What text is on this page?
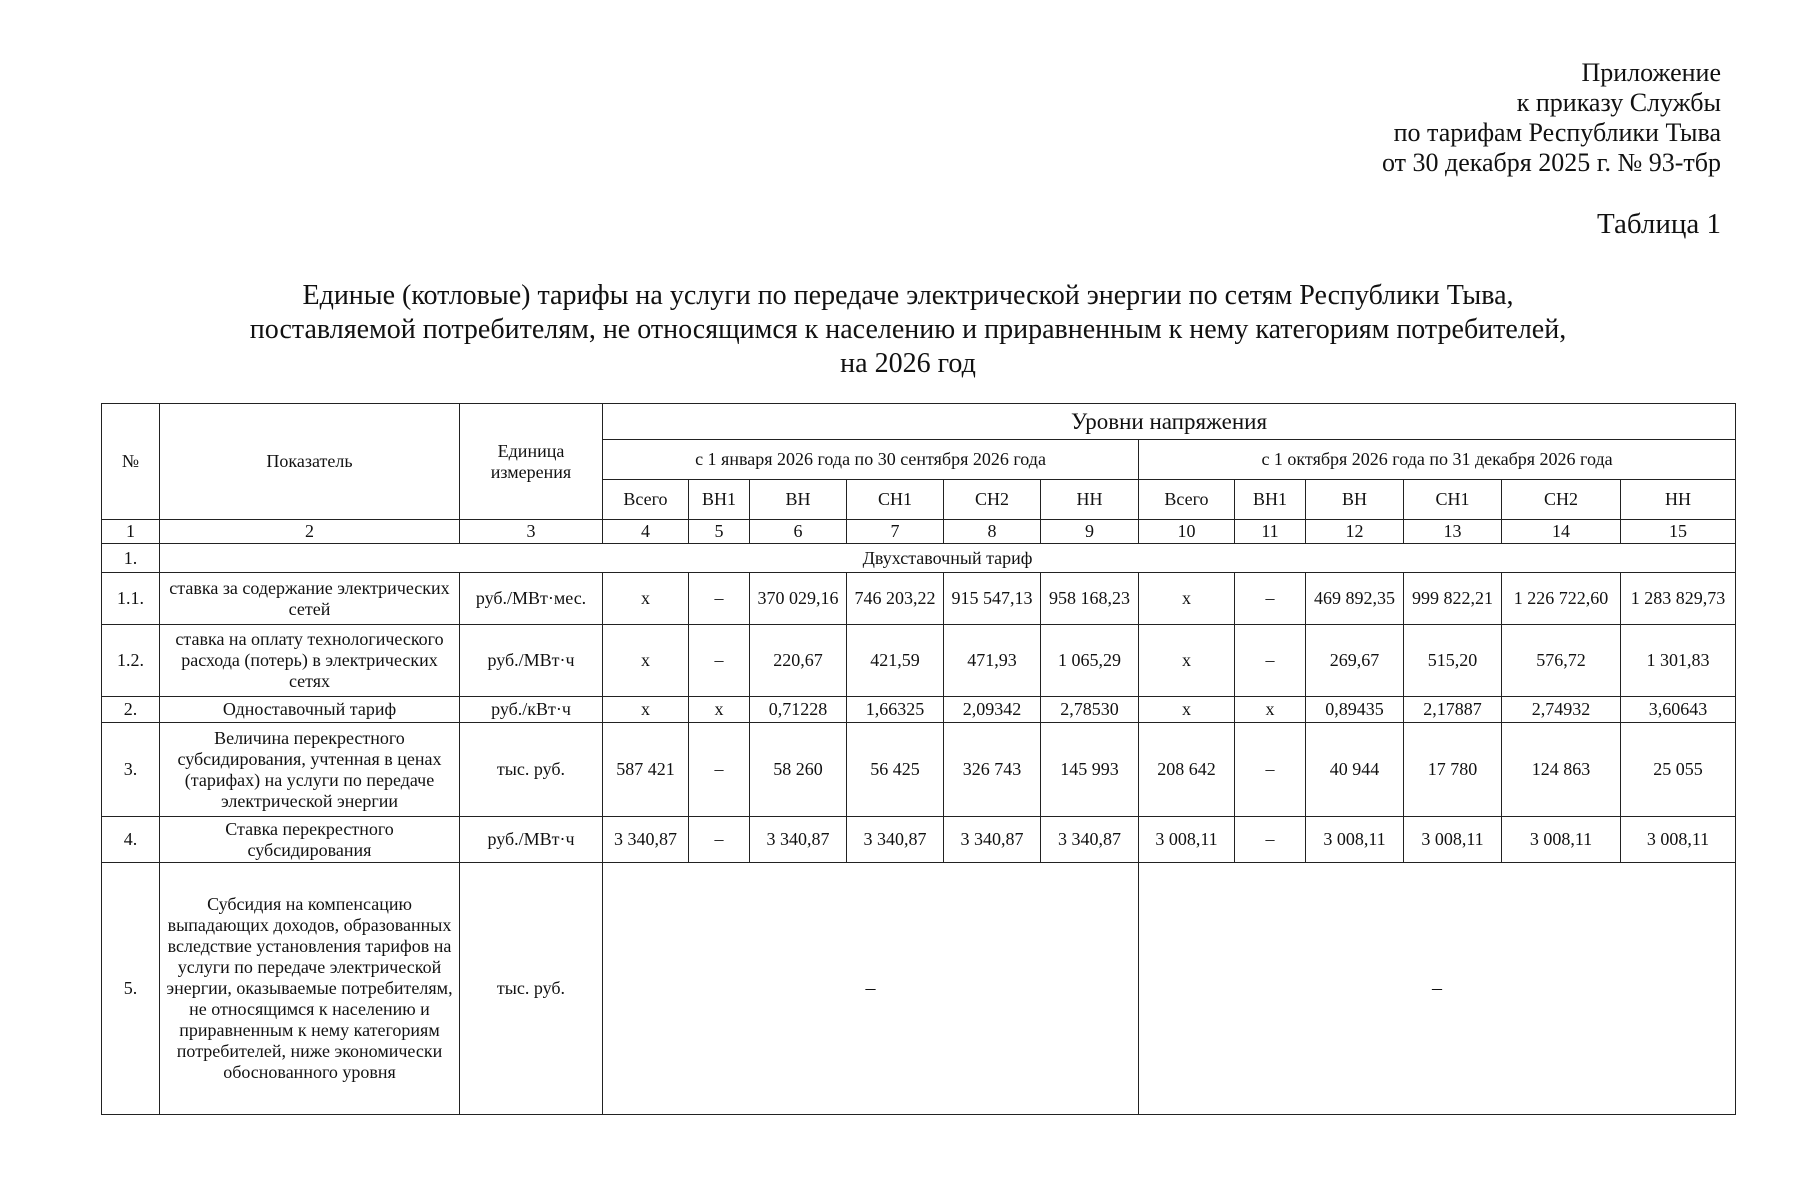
Приложение
к приказу Службы
по тарифам Республики Тыва
от 30 декабря 2025 г. № 93-тбр
Таблица 1
Единые (котловые) тарифы на услуги по передаче электрической энергии по сетям Республики Тыва,
поставляемой потребителям, не относящимся к населению и приравненным к нему категориям потребителей,
на 2026 год
№	Показатель	Единица измерения	Уровни напряжения											
			с 1 января 2026 года по 30 сентября 2026 года						с 1 октября 2026 года по 31 декабря 2026 года					
			Всего	ВН1	ВН	СН1	СН2	НН	Всего	ВН1	ВН	СН1	СН2	НН
1	2	3	4	5	6	7	8	9	10	11	12	13	14	15
1.	Двухставочный тариф													
1.1.	ставка за содержание электрических сетей	руб./МВт·мес.	x	–	370 029,16	746 203,22	915 547,13	958 168,23	x	–	469 892,35	999 822,21	1 226 722,60	1 283 829,73
1.2.	ставка на оплату технологического расхода (потерь) в электрических сетях	руб./МВт·ч	x	–	220,67	421,59	471,93	1 065,29	x	–	269,67	515,20	576,72	1 301,83
2.	Одноставочный тариф	руб./кВт·ч	x	x	0,71228	1,66325	2,09342	2,78530	x	x	0,89435	2,17887	2,74932	3,60643
3.	Величина перекрестного субсидирования, учтенная в ценах (тарифах) на услуги по передаче электрической энергии	тыс. руб.	587 421	–	58 260	56 425	326 743	145 993	208 642	–	40 944	17 780	124 863	25 055
4.	Ставка перекрестного субсидирования	руб./МВт·ч	3 340,87	–	3 340,87	3 340,87	3 340,87	3 340,87	3 008,11	–	3 008,11	3 008,11	3 008,11	3 008,11
5.	Субсидия на компенсацию выпадающих доходов, образованных вследствие установления тарифов на услуги по передаче электрической энергии, оказываемые потребителям, не относящимся к населению и приравненным к нему категориям потребителей, ниже экономически обоснованного уровня	тыс. руб.	–						–					
